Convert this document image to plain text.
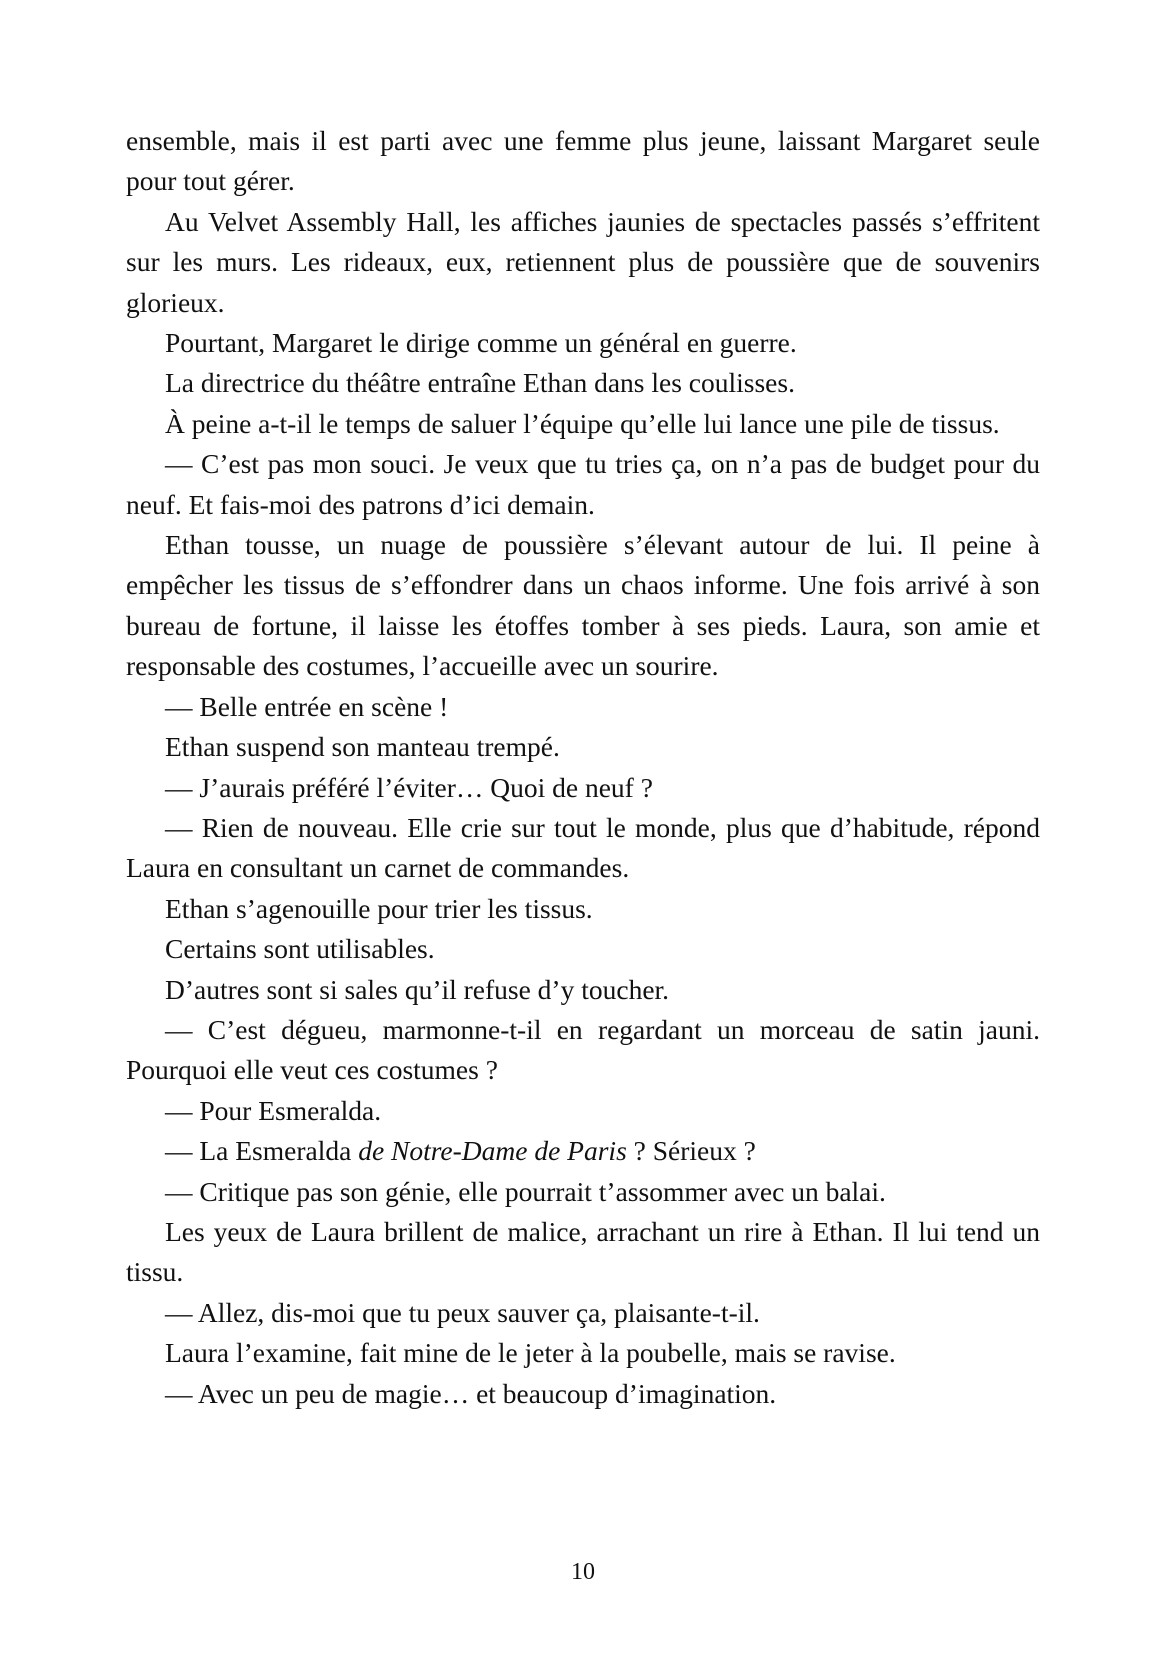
ensemble, mais il est parti avec une femme plus jeune, laissant Margaret seule pour tout gérer.

Au Velvet Assembly Hall, les affiches jaunies de spectacles passés s’effritent sur les murs. Les rideaux, eux, retiennent plus de poussière que de souvenirs glorieux.

Pourtant, Margaret le dirige comme un général en guerre.

La directrice du théâtre entraîne Ethan dans les coulisses.

À peine a-t-il le temps de saluer l’équipe qu’elle lui lance une pile de tissus.

— C’est pas mon souci. Je veux que tu tries ça, on n’a pas de budget pour du neuf. Et fais-moi des patrons d’ici demain.

Ethan tousse, un nuage de poussière s’élevant autour de lui. Il peine à empêcher les tissus de s’effondrer dans un chaos informe. Une fois arrivé à son bureau de fortune, il laisse les étoffes tomber à ses pieds. Laura, son amie et responsable des costumes, l’accueille avec un sourire.

— Belle entrée en scène !

Ethan suspend son manteau trempé.

— J’aurais préféré l’éviter… Quoi de neuf ?

— Rien de nouveau. Elle crie sur tout le monde, plus que d’habitude, répond Laura en consultant un carnet de commandes.

Ethan s’agenouille pour trier les tissus.

Certains sont utilisables.

D’autres sont si sales qu’il refuse d’y toucher.

— C’est dégueu, marmonne-t-il en regardant un morceau de satin jauni. Pourquoi elle veut ces costumes ?

— Pour Esmeralda.

— La Esmeralda de Notre-Dame de Paris ? Sérieux ?

— Critique pas son génie, elle pourrait t’assommer avec un balai.

Les yeux de Laura brillent de malice, arrachant un rire à Ethan. Il lui tend un tissu.

— Allez, dis-moi que tu peux sauver ça, plaisante-t-il.

Laura l’examine, fait mine de le jeter à la poubelle, mais se ravise.

— Avec un peu de magie… et beaucoup d’imagination.

10
